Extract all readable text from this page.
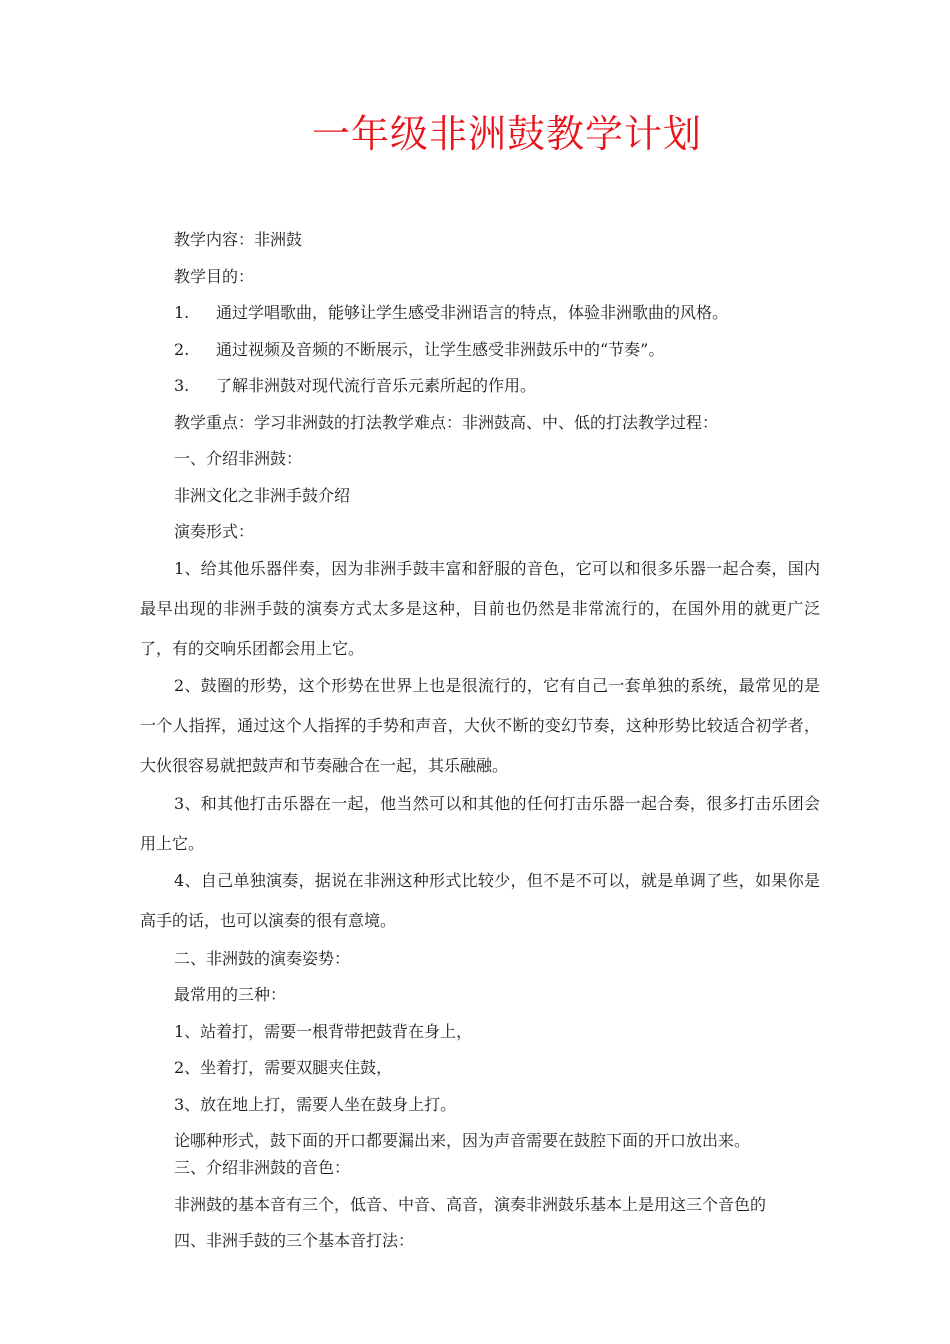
一年级非洲鼓教学计划

教学内容：非洲鼓

教学目的：

1.	通过学唱歌曲，能够让学生感受非洲语言的特点，体验非洲歌曲的风格。

2.	通过视频及音频的不断展示，让学生感受非洲鼓乐中的“节奏”。

3.	了解非洲鼓对现代流行音乐元素所起的作用。

教学重点：学习非洲鼓的打法教学难点：非洲鼓高、中、低的打法教学过程：

一、介绍非洲鼓：

非洲文化之非洲手鼓介绍

演奏形式：

1、给其他乐器伴奏，因为非洲手鼓丰富和舒服的音色，它可以和很多乐器一起合奏，国内最早出现的非洲手鼓的演奏方式太多是这种，目前也仍然是非常流行的，在国外用的就更广泛了，有的交响乐团都会用上它。

2、鼓圈的形势，这个形势在世界上也是很流行的，它有自己一套单独的系统，最常见的是一个人指挥，通过这个人指挥的手势和声音，大伙不断的变幻节奏，这种形势比较适合初学者，大伙很容易就把鼓声和节奏融合在一起，其乐融融。

3、和其他打击乐器在一起，他当然可以和其他的任何打击乐器一起合奏，很多打击乐团会用上它。

4、自己单独演奏，据说在非洲这种形式比较少，但不是不可以，就是单调了些，如果你是高手的话，也可以演奏的很有意境。

二、非洲鼓的演奏姿势：

最常用的三种：

1、站着打，需要一根背带把鼓背在身上，

2、坐着打，需要双腿夹住鼓，

3、放在地上打，需要人坐在鼓身上打。

论哪种形式，鼓下面的开口都要漏出来，因为声音需要在鼓腔下面的开口放出来。

三、介绍非洲鼓的音色：

非洲鼓的基本音有三个，低音、中音、高音，演奏非洲鼓乐基本上是用这三个音色的

四、非洲手鼓的三个基本音打法：
